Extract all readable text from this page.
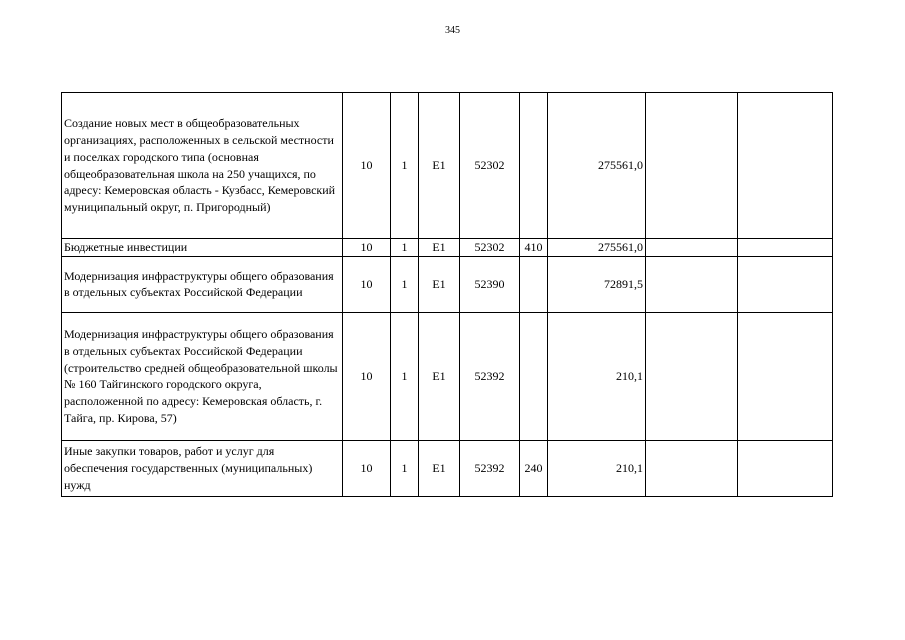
345
Создание новых мест в общеобразовательных организациях, расположенных в сельской местности и поселках городского типа (основная общеобразовательная школа на 250 учащихся, по адресу: Кемеровская область - Кузбасс, Кемеровский муниципальный округ, п. Пригородный)	10	1	Е1	52302		275561,0		
Бюджетные инвестиции	10	1	Е1	52302	410	275561,0		
Модернизация инфраструктуры общего образования в отдельных субъектах Российской Федерации	10	1	Е1	52390		72891,5		
Модернизация инфраструктуры общего образования в отдельных субъектах Российской Федерации (строительство средней общеобразовательной школы № 160 Тайгинского городского округа, расположенной по адресу: Кемеровская область, г. Тайга, пр. Кирова, 57)	10	1	Е1	52392		210,1		
Иные закупки товаров, работ и услуг для обеспечения государственных (муниципальных) нужд	10	1	Е1	52392	240	210,1		
